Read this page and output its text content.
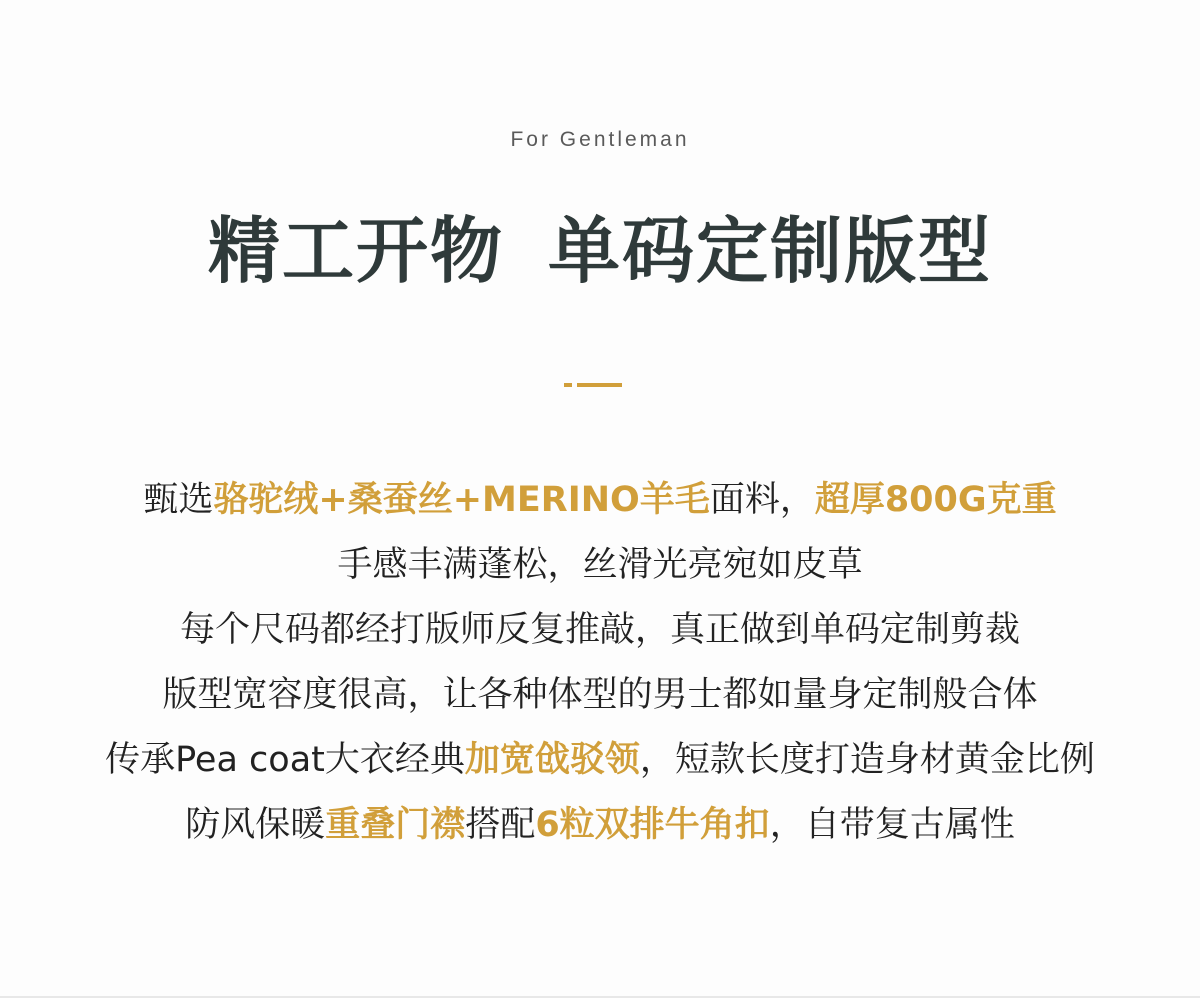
For Gentleman
精工开物 单码定制版型
甄选骆驼绒+桑蚕丝+MERINO羊毛面料，超厚800G克重
手感丰满蓬松，丝滑光亮宛如皮草
每个尺码都经打版师反复推敲，真正做到单码定制剪裁
版型宽容度很高，让各种体型的男士都如量身定制般合体
传承Pea coat大衣经典加宽戗驳领，短款长度打造身材黄金比例
防风保暖重叠门襟搭配6粒双排牛角扣，自带复古属性
